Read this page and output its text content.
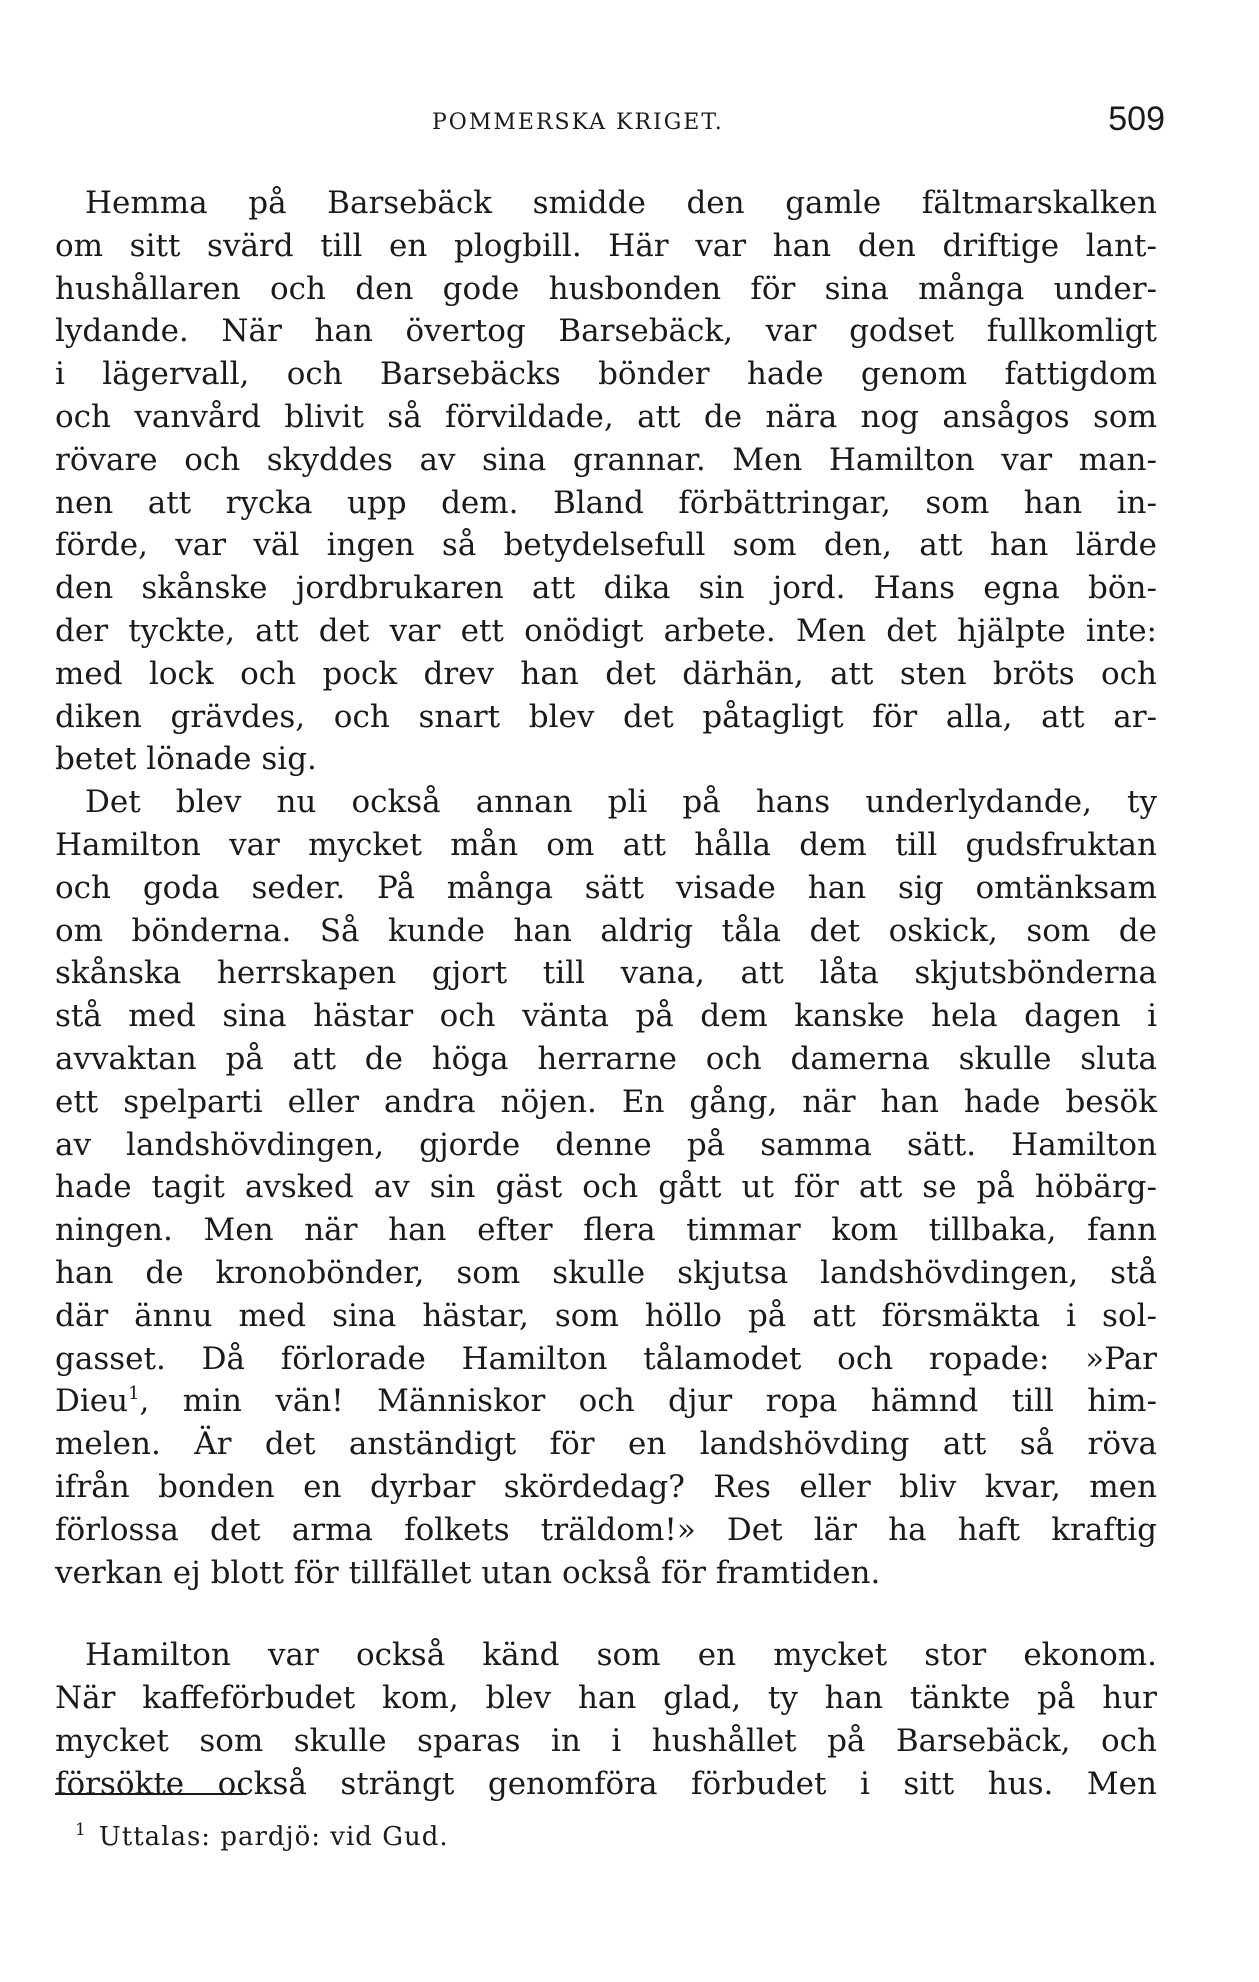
POMMERSKA KRIGET.	509
Hemma på Barsebäck smidde den gamle fältmarskalken
om sitt svärd till en plogbill. Här var han den driftige lant-
hushållaren och den gode husbonden för sina många under-
lydande. När han övertog Barsebäck, var godset fullkomligt
i lägervall, och Barsebäcks bönder hade genom fattigdom
och vanvård blivit så förvildade, att de nära nog ansågos som
rövare och skyddes av sina grannar. Men Hamilton var man-
nen att rycka upp dem. Bland förbättringar, som han in-
förde, var väl ingen så betydelsefull som den, att han lärde
den skånske jordbrukaren att dika sin jord. Hans egna bön-
der tyckte, att det var ett onödigt arbete. Men det hjälpte inte:
med lock och pock drev han det därhän, att sten bröts och
diken grävdes, och snart blev det påtagligt för alla, att ar-
betet lönade sig.
Det blev nu också annan pli på hans underlydande, ty
Hamilton var mycket mån om att hålla dem till gudsfruktan
och goda seder. På många sätt visade han sig omtänksam
om bönderna. Så kunde han aldrig tåla det oskick, som de
skånska herrskapen gjort till vana, att låta skjutsbönderna
stå med sina hästar och vänta på dem kanske hela dagen i
avvaktan på att de höga herrarne och damerna skulle sluta
ett spelparti eller andra nöjen. En gång, när han hade besök
av landshövdingen, gjorde denne på samma sätt. Hamilton
hade tagit avsked av sin gäst och gått ut för att se på höbärg-
ningen. Men när han efter flera timmar kom tillbaka, fann
han de kronobönder, som skulle skjutsa landshövdingen, stå
där ännu med sina hästar, som höllo på att försmäkta i sol-
gasset. Då förlorade Hamilton tålamodet och ropade: »Par
Dieu$^1$, min vän! Människor och djur ropa hämnd till him-
melen. Är det anständigt för en landshövding att så röva
ifrån bonden en dyrbar skördedag? Res eller bliv kvar, men
förlossa det arma folkets träldom!» Det lär ha haft kraftig
verkan ej blott för tillfället utan också för framtiden.
Hamilton var också känd som en mycket stor ekonom.
När kaffeförbudet kom, blev han glad, ty han tänkte på hur
mycket som skulle sparas in i hushållet på Barsebäck, och
försökte också strängt genomföra förbudet i sitt hus. Men
$^1$ Uttalas: pardjö: vid Gud.
